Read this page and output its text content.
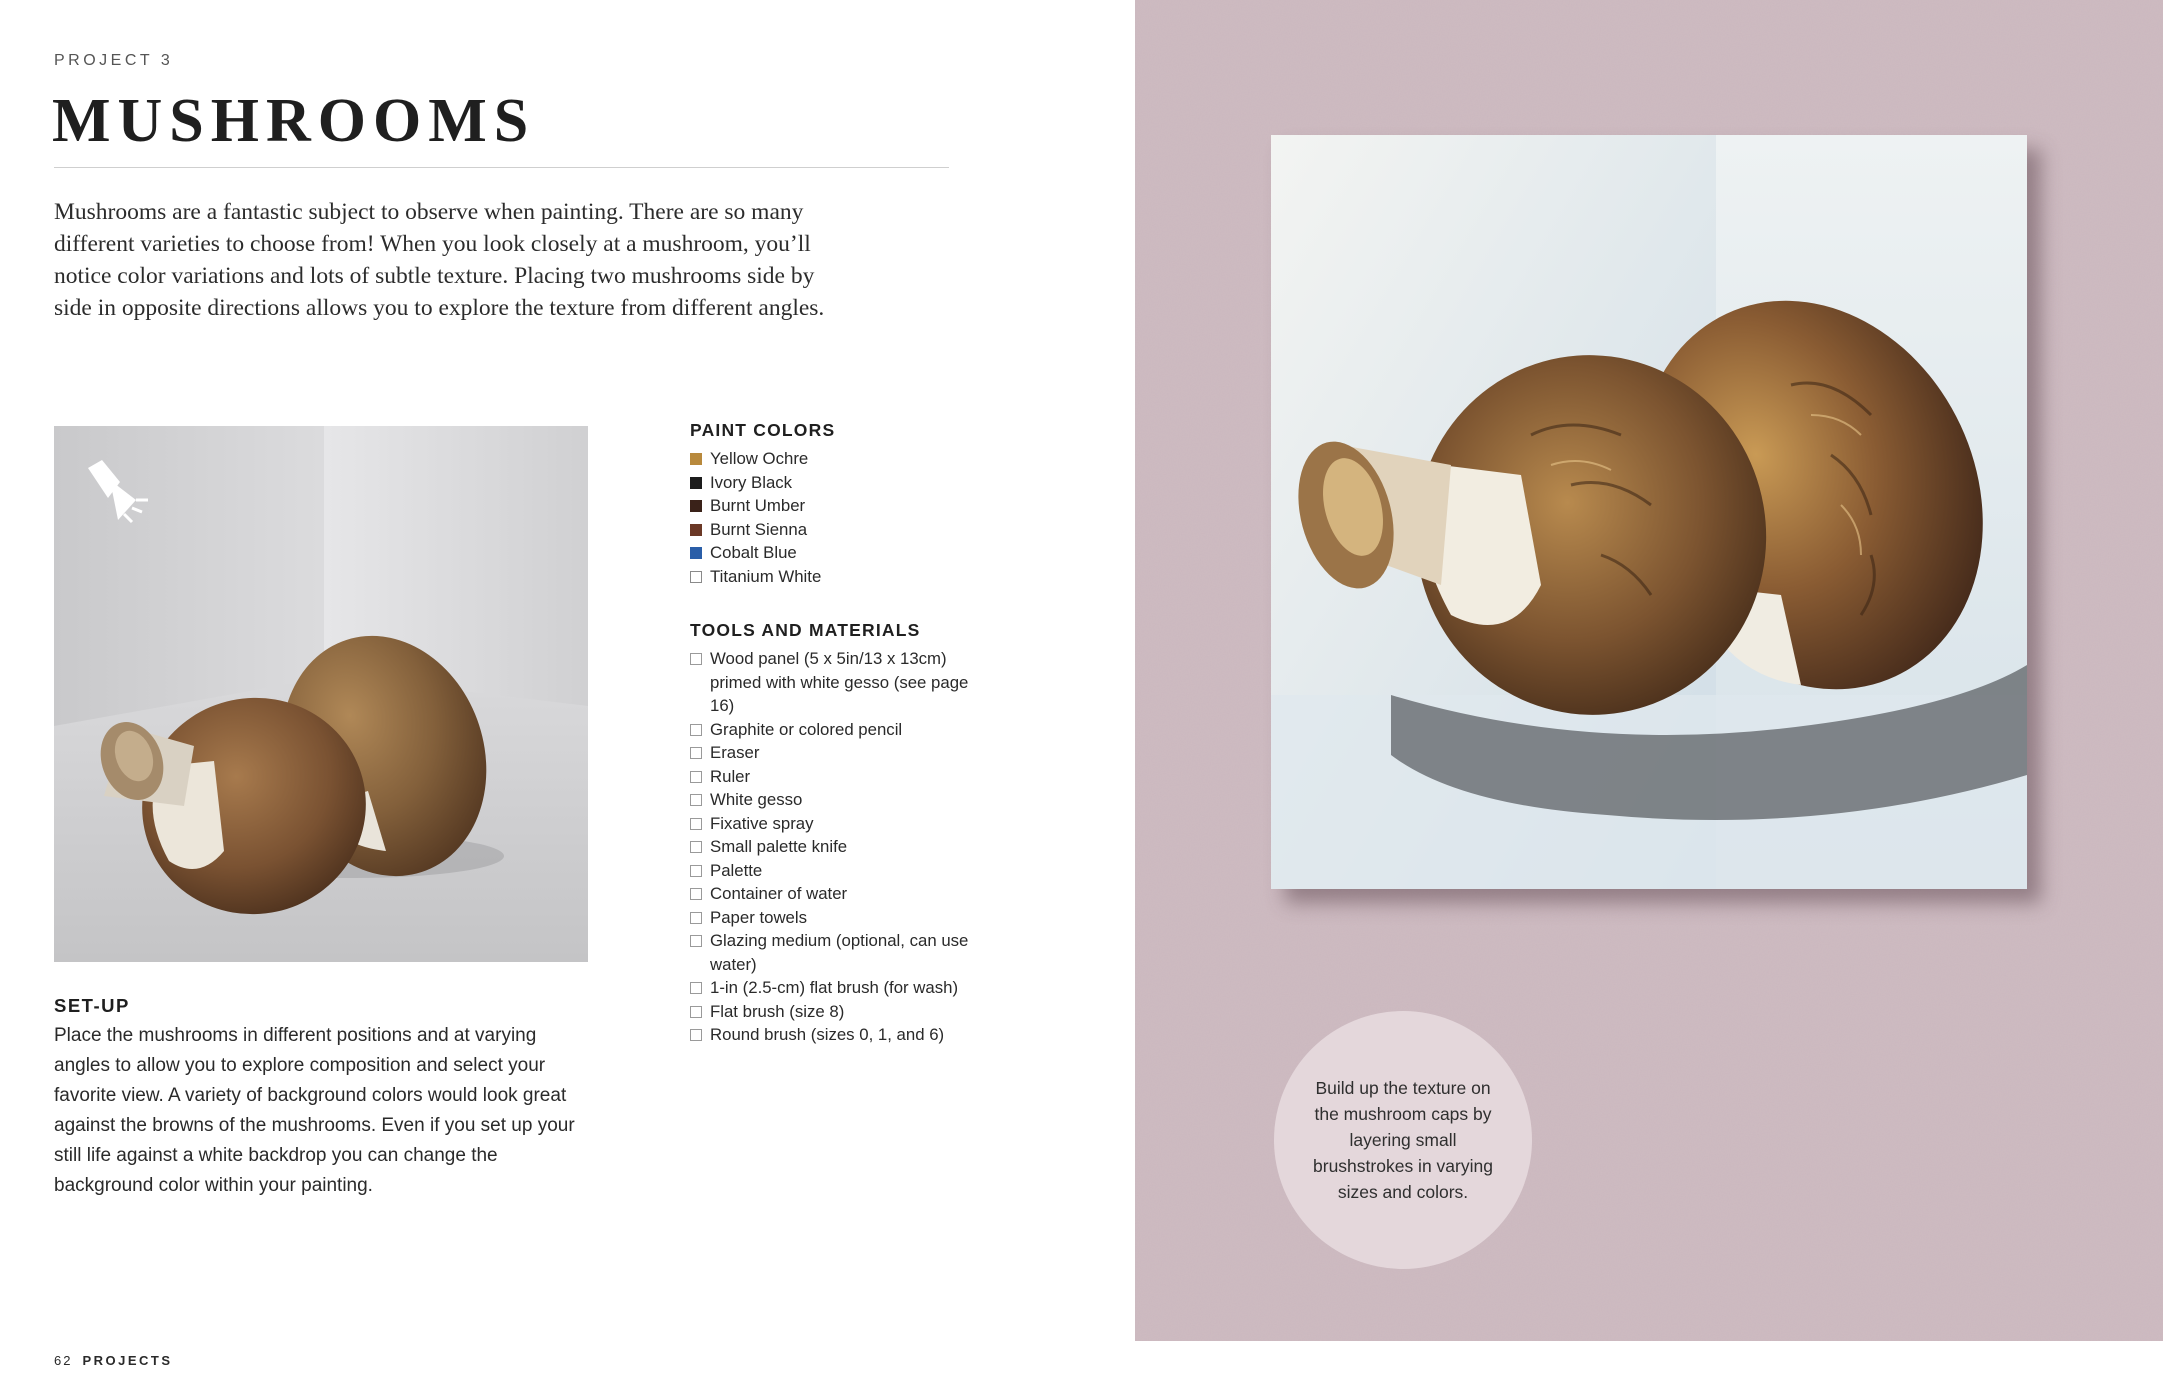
PROJECT 3
MUSHROOMS

Mushrooms are a fantastic subject to observe when painting. There are so many different varieties to choose from! When you look closely at a mushroom, you’ll notice color variations and lots of subtle texture. Placing two mushrooms side by side in opposite directions allows you to explore the texture from different angles.

SET-UP

Place the mushrooms in different positions and at varying angles to allow you to explore composition and select your favorite view. A variety of background colors would look great against the browns of the mushrooms. Even if you set up your still life against a white backdrop you can change the background color within your painting.

PAINT COLORS
Yellow Ochre
Ivory Black
Burnt Umber
Burnt Sienna
Cobalt Blue
Titanium White
TOOLS AND MATERIALS
Wood panel (5 x 5in/13 x 13cm) primed with white gesso (see page 16)
Graphite or colored pencil
Eraser
Ruler
White gesso
Fixative spray
Small palette knife
Palette
Container of water
Paper towels
Glazing medium (optional, can use water)
1-in (2.5-cm) flat brush (for wash)
Flat brush (size 8)
Round brush (sizes 0, 1, and 6)
62 PROJECTS

Build up the texture on the mushroom caps by layering small brushstrokes in varying sizes and colors.
